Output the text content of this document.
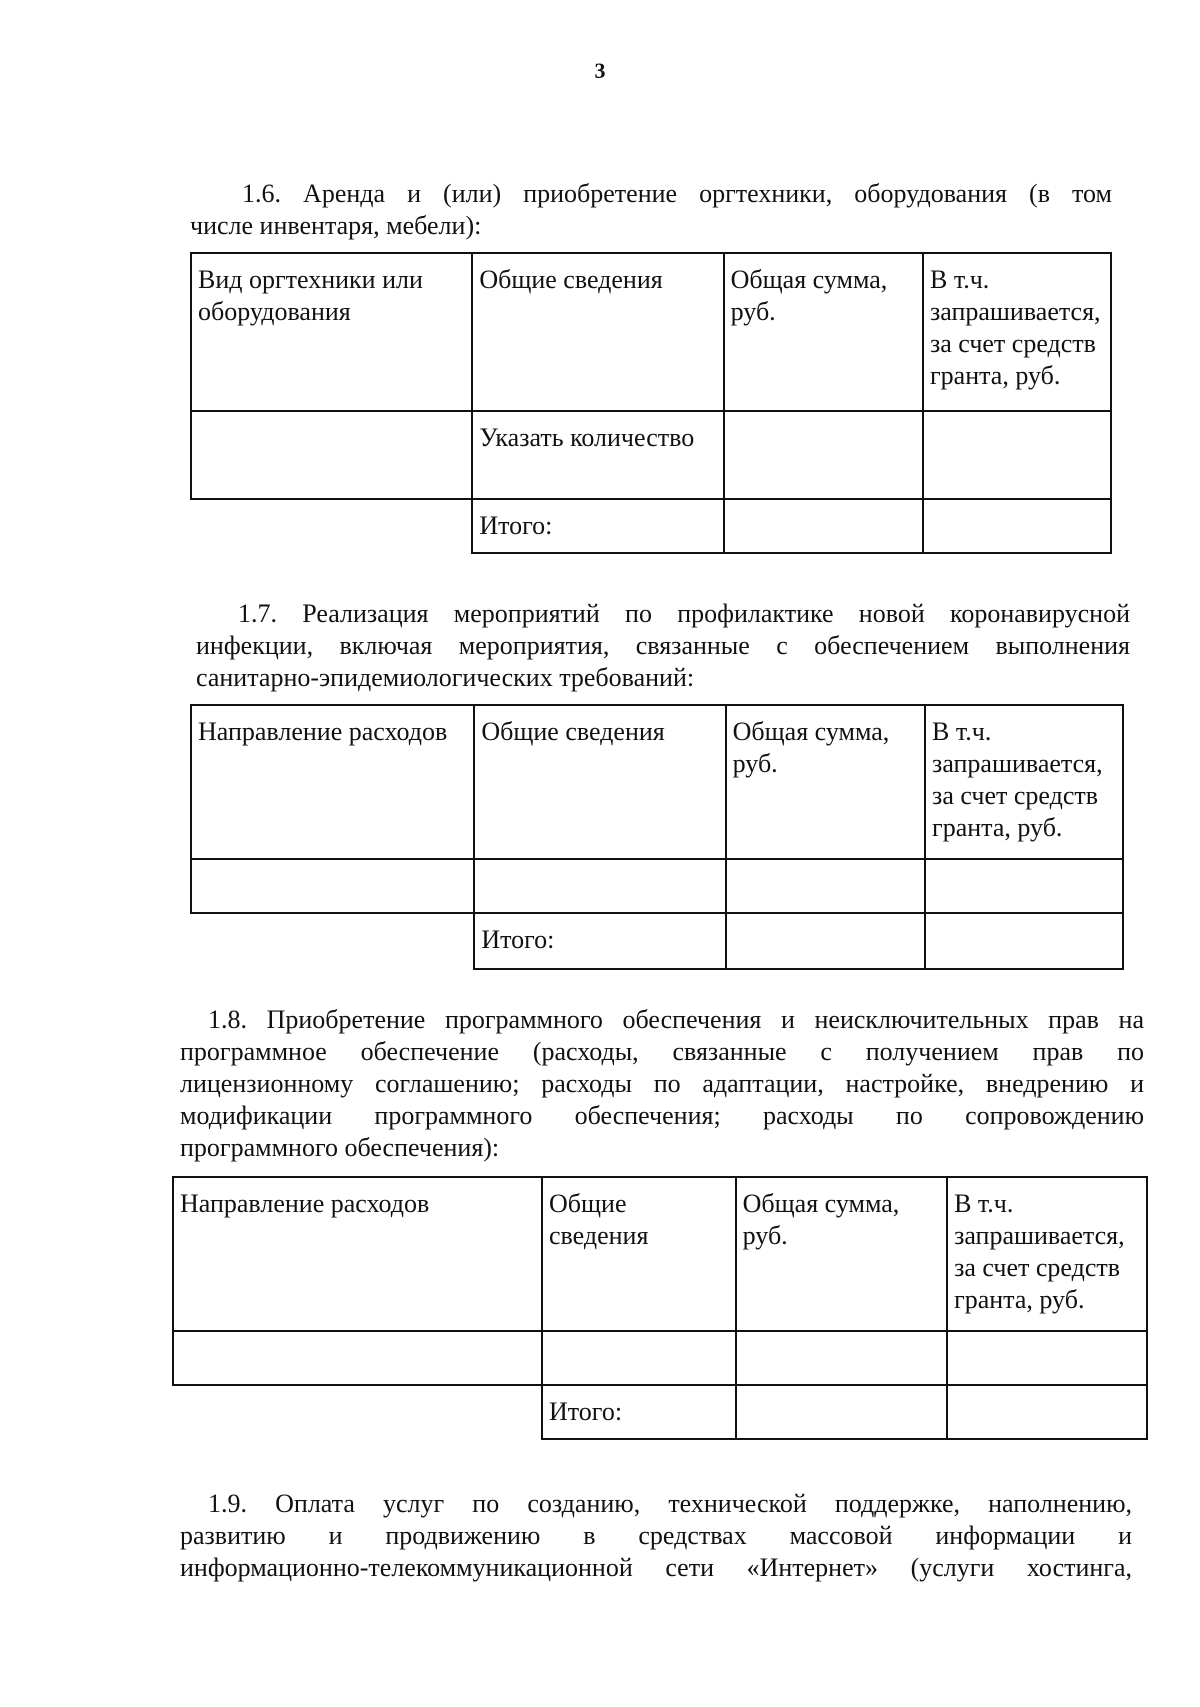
3
1.6. Аренда и (или) приобретение оргтехники, оборудования (в том
числе инвентаря, мебели):
Вид оргтехники или оборудования	Общие сведения	Общая сумма, руб.	В т.ч. запрашивается, за счет средств гранта, руб.

	Указать количество		

	Итого:		

1.7. Реализация мероприятий по профилактике новой коронавирусной
инфекции, включая мероприятия, связанные с обеспечением выполнения
санитарно-эпидемиологических требований:
Направление расходов	Общие сведения	Общая сумма, руб.	В т.ч. запрашивается, за счет средств гранта, руб.

	Итого:		

1.8. Приобретение программного обеспечения и неисключительных прав на
программное обеспечение (расходы, связанные с получением прав по
лицензионному соглашению; расходы по адаптации, настройке, внедрению и
модификации программного обеспечения; расходы по сопровождению
программного обеспечения):
Направление расходов	Общие сведения	Общая сумма, руб.	В т.ч. запрашивается, за счет средств гранта, руб.

	Итого:		

1.9. Оплата услуг по созданию, технической поддержке, наполнению,
развитию и продвижению в средствах массовой информации и
информационно-телекоммуникационной сети «Интернет» (услуги хостинга,
